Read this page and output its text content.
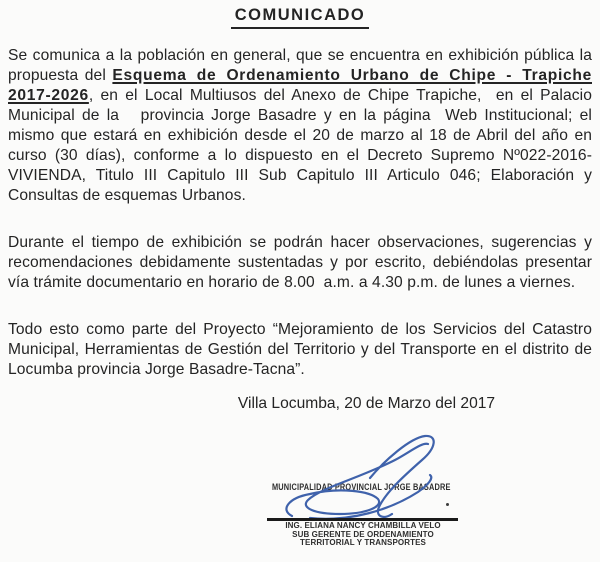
COMUNICADO

Se comunica a la población en general, que se encuentra en exhibición pública la propuesta del Esquema de Ordenamiento Urbano de Chipe - Trapiche 2017-2026, en el Local Multiusos del Anexo de Chipe Trapiche,  en el Palacio Municipal de la   provincia Jorge Basadre y en la página  Web Institucional; el mismo que estará en exhibición desde el 20 de marzo al 18 de Abril del año en curso (30 días), conforme a lo dispuesto en el Decreto Supremo Nº022-2016-VIVIENDA, Titulo III Capitulo III Sub Capitulo III Articulo 046; Elaboración y Consultas de esquemas Urbanos.

Durante el tiempo de exhibición se podrán hacer observaciones, sugerencias y recomendaciones debidamente sustentadas y por escrito, debiéndolas presentar vía trámite documentario en horario de 8.00  a.m. a 4.30 p.m. de lunes a viernes.

Todo esto como parte del Proyecto “Mejoramiento de los Servicios del Catastro Municipal, Herramientas de Gestión del Territorio y del Transporte en el distrito de Locumba provincia Jorge Basadre-Tacna”.

Villa Locumba, 20 de Marzo del 2017

MUNICIPALIDAD PROVINCIAL JORGE BASADRE
ING. ELIANA NANCY CHAMBILLA VELO
SUB GERENTE DE ORDENAMIENTO
TERRITORIAL Y TRANSPORTES
